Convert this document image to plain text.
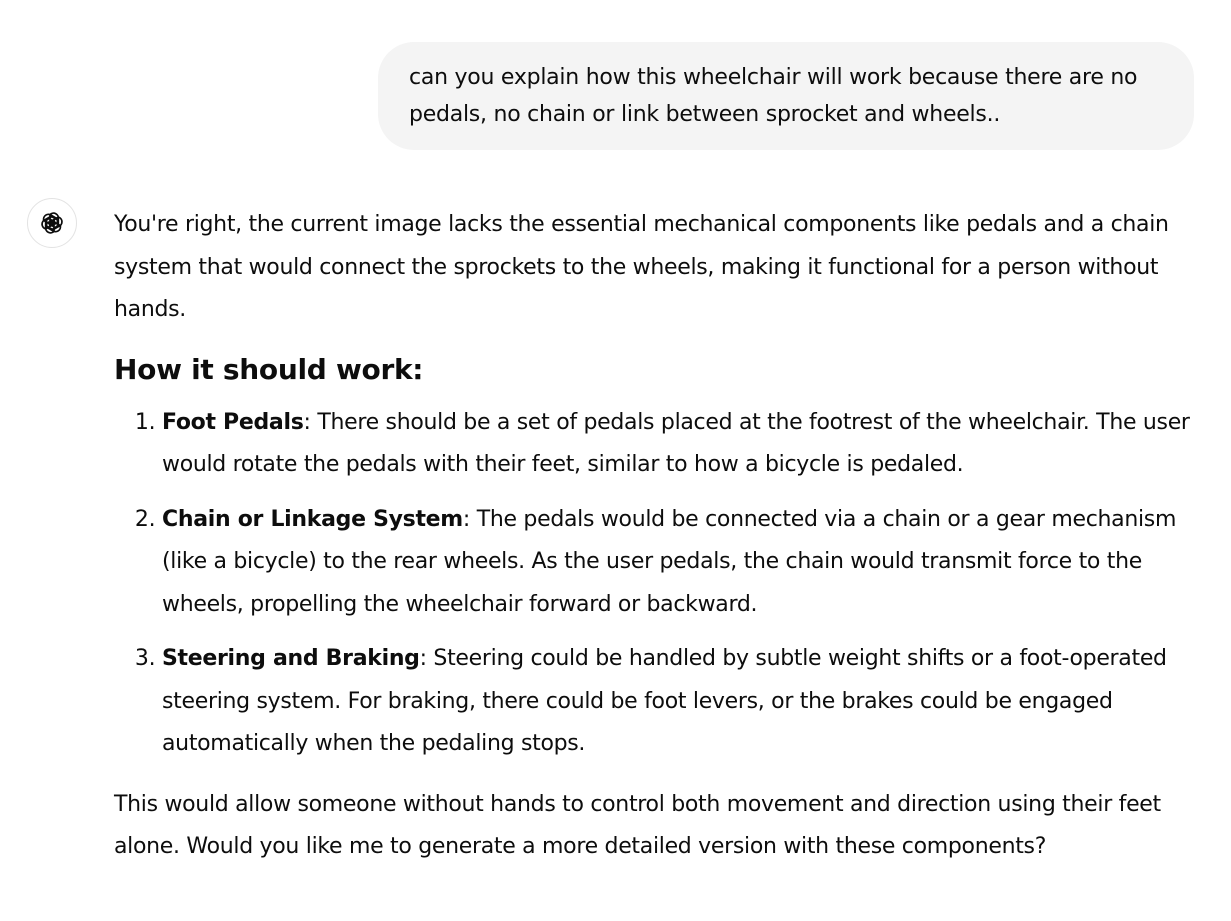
can you explain how this wheelchair will work because there are no pedals, no chain or link between sprocket and wheels..

You're right, the current image lacks the essential mechanical components like pedals and a chain system that would connect the sprockets to the wheels, making it functional for a person without hands.

How it should work:
1. Foot Pedals: There should be a set of pedals placed at the footrest of the wheelchair. The user would rotate the pedals with their feet, similar to how a bicycle is pedaled.
2. Chain or Linkage System: The pedals would be connected via a chain or a gear mechanism (like a bicycle) to the rear wheels. As the user pedals, the chain would transmit force to the wheels, propelling the wheelchair forward or backward.
3. Steering and Braking: Steering could be handled by subtle weight shifts or a foot-operated steering system. For braking, there could be foot levers, or the brakes could be engaged automatically when the pedaling stops.

This would allow someone without hands to control both movement and direction using their feet alone. Would you like me to generate a more detailed version with these components?
